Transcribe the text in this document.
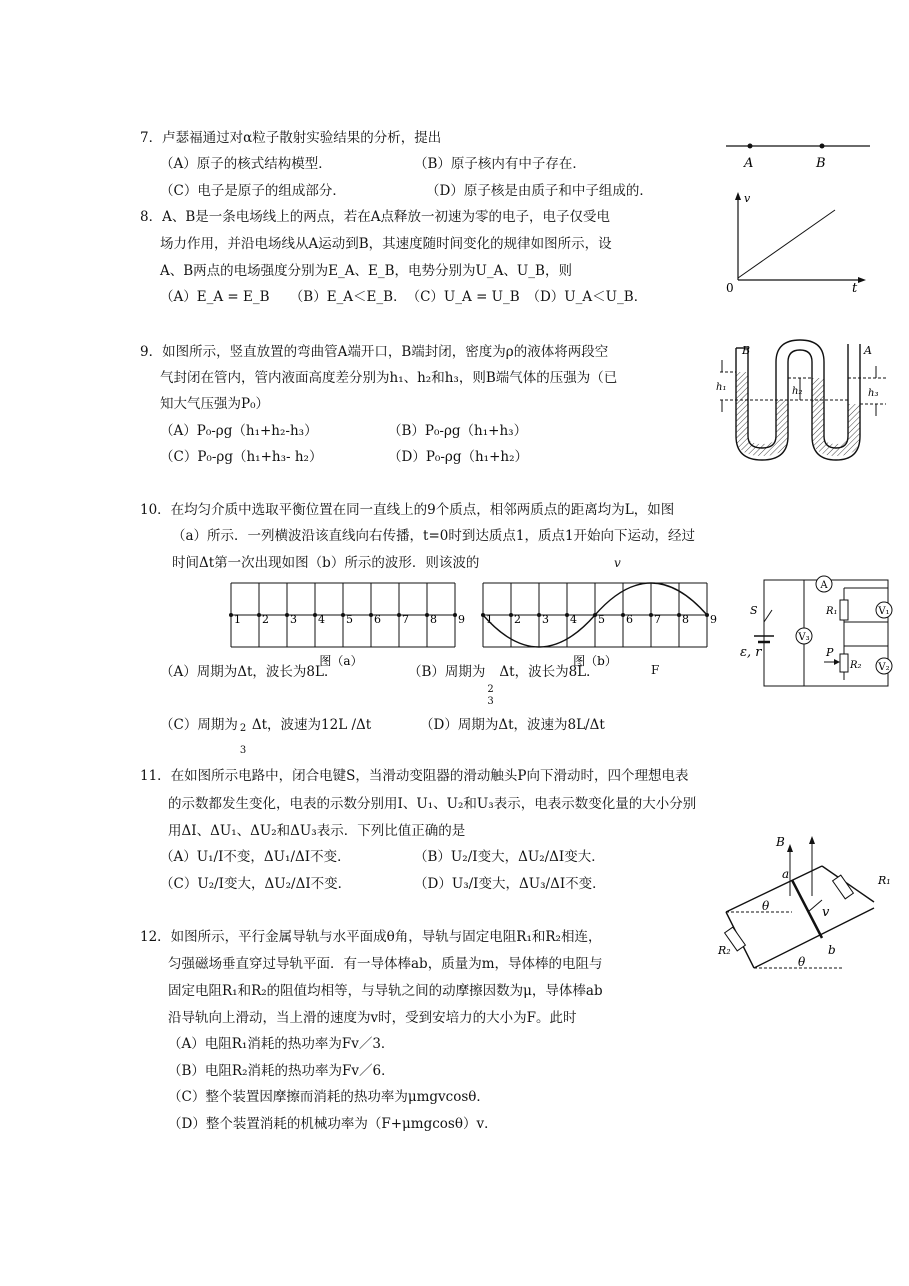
7．卢瑟福通过对α粒子散射实验结果的分析，提出
（A）原子的核式结构模型．	（B）原子核内有中子存在．
（C）电子是原子的组成部分．	（D）原子核是由质子和中子组成的．
A	B
8．A、B是一条电场线上的两点，若在A点释放一初速为零的电子，电子仅受电
场力作用，并沿电场线从A运动到B，其速度随时间变化的规律如图所示，设
A、B两点的电场强度分别为E_A、E_B，电势分别为U_A、U_B，则
（A）E_A = E_B　　（B）E_A＜E_B．　（C）U_A = U_B　（D）U_A＜U_B．
v
t
0
9．如图所示，竖直放置的弯曲管A端开口，B端封闭，密度为ρ的液体将两段空
气封闭在管内，管内液面高度差分别为h₁、h₂和h₃，则B端气体的压强为（已
知大气压强为P₀）
（A）P₀-ρg（h₁+h₂-h₃）	（B）P₀-ρg（h₁+h₃）
（C）P₀-ρg（h₁+h₃- h₂）	（D）P₀-ρg（h₁+h₂）
B	A
h₁	h₂	h₃
10．在均匀介质中选取平衡位置在同一直线上的9个质点，相邻两质点的距离均为L，如图
（a）所示．一列横波沿该直线向右传播，t=0时到达质点1，质点1开始向下运动，经过
时间Δt第一次出现如图（b）所示的波形．则该波的
1 2 3 4 5 6 7 8 9 1 2 3 4 5 6 7 8 9
图（a）	图（b）
v
（A）周期为Δt，波长为8L．	（B）周期为
2
3
Δt，波长为8L．	F
（C）周期为 2
3
Δt，波速为12L /Δt	（D）周期为Δt，波速为8L/Δt
A
V₁
V₂
V₃
S
ε, r
R₁
R₂
P
11．在如图所示电路中，闭合电键S，当滑动变阻器的滑动触头P向下滑动时，四个理想电表
的示数都发生变化，电表的示数分别用I、U₁、U₂和U₃表示，电表示数变化量的大小分别
用ΔI、ΔU₁、ΔU₂和ΔU₃表示．下列比值正确的是
（A）U₁/I不变，ΔU₁/ΔI不变．	（B）U₂/I变大，ΔU₂/ΔI变大．
（C）U₂/I变大，ΔU₂/ΔI不变．	（D）U₃/I变大，ΔU₃/ΔI不变．
B
a
b
v
θ
θ
R₁
R₂
12．如图所示，平行金属导轨与水平面成θ角，导轨与固定电阻R₁和R₂相连，
匀强磁场垂直穿过导轨平面．有一导体棒ab，质量为m，导体棒的电阻与
固定电阻R₁和R₂的阻值均相等，与导轨之间的动摩擦因数为μ，导体棒ab
沿导轨向上滑动，当上滑的速度为v时，受到安培力的大小为F。此时
（A）电阻R₁消耗的热功率为Fv／3．
（B）电阻R₂消耗的热功率为Fv／6．
（C）整个装置因摩擦而消耗的热功率为μmgvcosθ．
（D）整个装置消耗的机械功率为（F+μmgcosθ）v．
